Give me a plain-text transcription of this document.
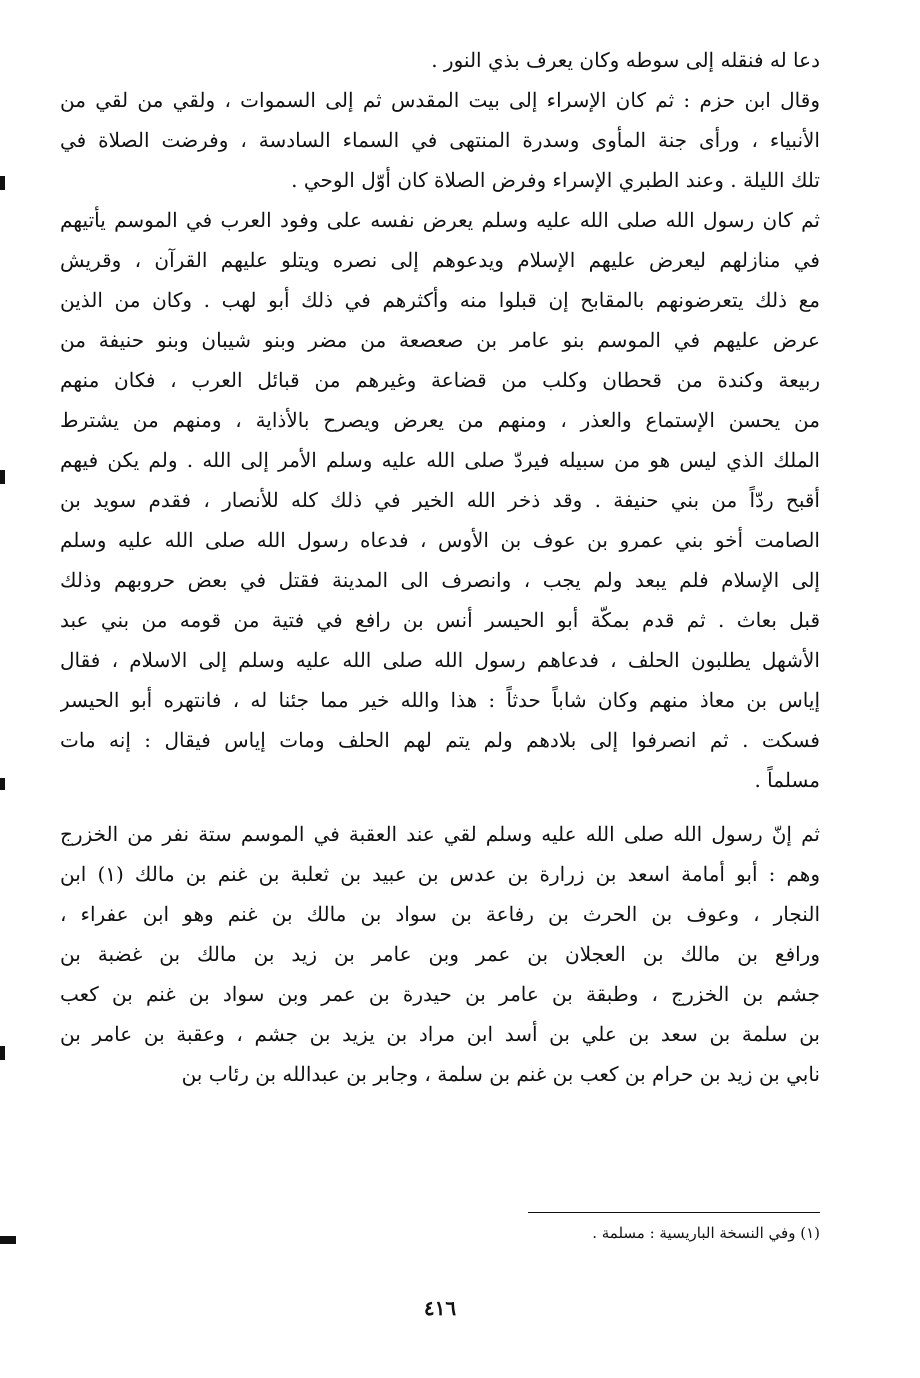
دعا له فنقله إلى سوطه وكان يعرف بذي النور .
وقال ابن حزم : ثم كان الإسراء إلى بيت المقدس ثم إلى السموات ، ولقي من لقي من
الأنبياء ، ورأى جنة المأوى وسدرة المنتهى في السماء السادسة ، وفرضت الصلاة في
تلك الليلة . وعند الطبري الإسراء وفرض الصلاة كان أوّل الوحي .
ثم كان رسول الله صلى الله عليه وسلم يعرض نفسه على وفود العرب في الموسم يأتيهم
في منازلهم ليعرض عليهم الإسلام ويدعوهم إلى نصره ويتلو عليهم القرآن ، وقريش
مع ذلك يتعرضونهم بالمقابح إن قبلوا منه وأكثرهم في ذلك أبو لهب . وكان من الذين
عرض عليهم في الموسم بنو عامر بن صعصعة من مضر وبنو شيبان وبنو حنيفة من
ربيعة وكندة من قحطان وكلب من قضاعة وغيرهم من قبائل العرب ، فكان منهم
من يحسن الإستماع والعذر ، ومنهم من يعرض ويصرح بالأذاية ، ومنهم من يشترط
الملك الذي ليس هو من سبيله فيردّ صلى الله عليه وسلم الأمر إلى الله . ولم يكن فيهم
أقبح ردّاً من بني حنيفة . وقد ذخر الله الخير في ذلك كله للأنصار ، فقدم سويد بن
الصامت أخو بني عمرو بن عوف بن الأوس ، فدعاه رسول الله صلى الله عليه وسلم
إلى الإسلام فلم يبعد ولم يجب ، وانصرف الى المدينة فقتل في بعض حروبهم وذلك
قبل بعاث . ثم قدم بمكّة أبو الحيسر أنس بن رافع في فتية من قومه من بني عبد
الأشهل يطلبون الحلف ، فدعاهم رسول الله صلى الله عليه وسلم إلى الاسلام ، فقال
إياس بن معاذ منهم وكان شاباً حدثاً : هذا والله خير مما جئنا له ، فانتهره أبو الحيسر
فسكت . ثم انصرفوا إلى بلادهم ولم يتم لهم الحلف ومات إياس فيقال : إنه مات
مسلماً .
ثم إنّ رسول الله صلى الله عليه وسلم لقي عند العقبة في الموسم ستة نفر من الخزرج
وهم : أبو أمامة اسعد بن زرارة بن عدس بن عبيد بن ثعلبة بن غنم بن مالك (١) ابن
النجار ، وعوف بن الحرث بن رفاعة بن سواد بن مالك بن غنم وهو ابن عفراء ،
ورافع بن مالك بن العجلان بن عمر وبن عامر بن زيد بن مالك بن غضبة بن
جشم بن الخزرج ، وطبقة بن عامر بن حيدرة بن عمر وبن سواد بن غنم بن كعب
بن سلمة بن سعد بن علي بن أسد ابن مراد بن يزيد بن جشم ، وعقبة بن عامر بن
نابي بن زيد بن حرام بن كعب بن غنم بن سلمة ، وجابر بن عبدالله بن رئاب بن
(١) وفي النسخة الباريسية : مسلمة .
٤١٦
